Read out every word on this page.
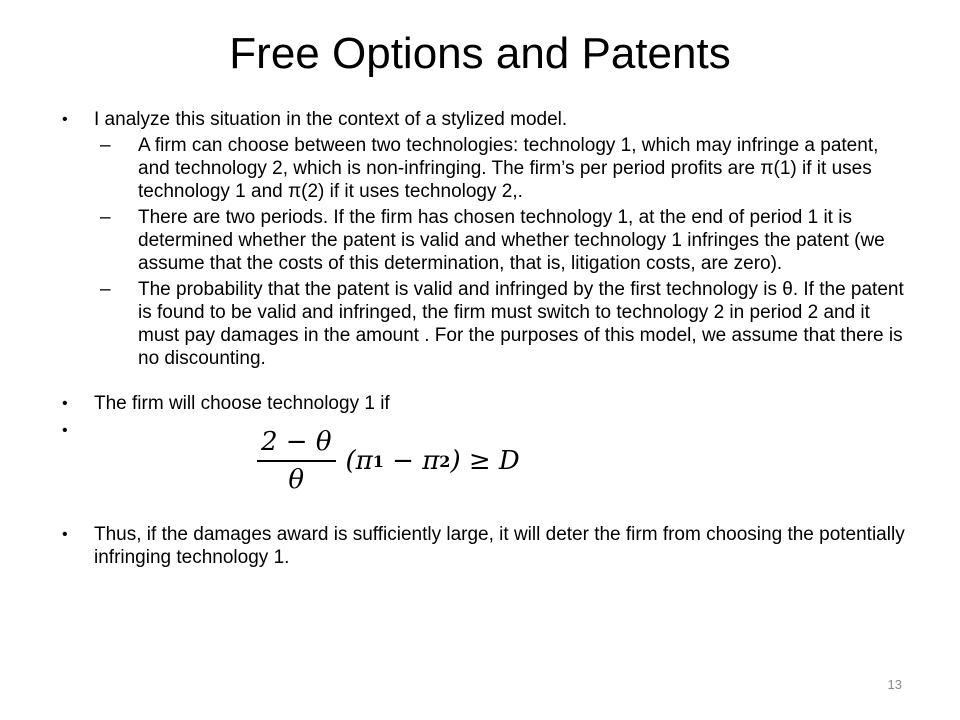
Free Options and Patents
•	I analyze this situation in the context of a stylized model.
–	A firm can choose between two technologies: technology 1, which may infringe a patent, and technology 2, which is non-infringing. The firm’s per period profits are π(1) if it uses technology 1 and π(2) if it uses technology 2,.
–	There are two periods. If the firm has chosen technology 1, at the end of period 1 it is determined whether the patent is valid and whether technology 1 infringes the patent (we assume that the costs of this determination, that is, litigation costs, are zero).
–	The probability that the patent is valid and infringed by the first technology is θ. If the patent is found to be valid and infringed, the firm must switch to technology 2 in period 2 and it must pay damages in the amount . For the purposes of this model, we assume that there is no discounting.
•	The firm will choose technology 1 if
•	$\frac{2 - \theta}{\theta} (\pi$ 1 − π 2 ) ≥ D
•	Thus, if the damages award is sufficiently large, it will deter the firm from choosing the potentially infringing technology 1.
13
